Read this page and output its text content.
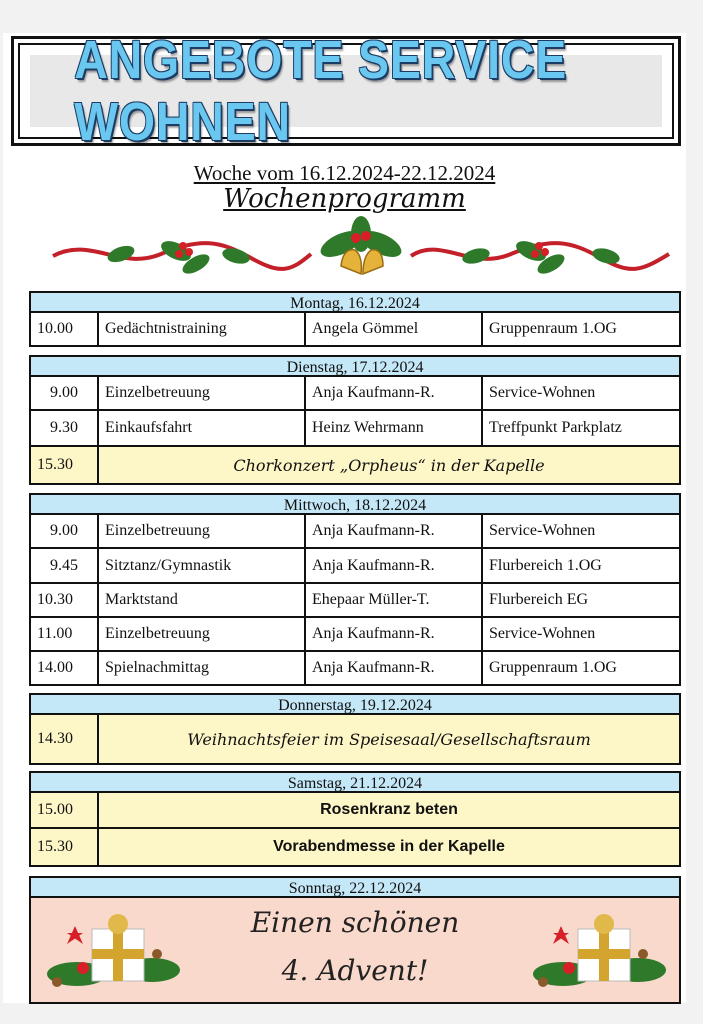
ANGEBOTE SERVICE WOHNEN
Woche vom 16.12.2024-22.12.2024
Wochenprogramm
Montag, 16.12.2024
10.00	Gedächtnistraining	Angela Gömmel	Gruppenraum 1.OG
Dienstag, 17.12.2024
9.00	Einzelbetreuung	Anja Kaufmann-R.	Service-Wohnen
9.30	Einkaufsfahrt	Heinz Wehrmann	Treffpunkt Parkplatz
15.30	Chorkonzert „Orpheus“ in der Kapelle
Mittwoch, 18.12.2024
9.00	Einzelbetreuung	Anja Kaufmann-R.	Service-Wohnen
9.45	Sitztanz/Gymnastik	Anja Kaufmann-R.	Flurbereich 1.OG
10.30	Marktstand	Ehepaar Müller-T.	Flurbereich EG
11.00	Einzelbetreuung	Anja Kaufmann-R.	Service-Wohnen
14.00	Spielnachmittag	Anja Kaufmann-R.	Gruppenraum 1.OG
Donnerstag, 19.12.2024
14.30	Weihnachtsfeier im Speisesaal/Gesellschaftsraum
Samstag, 21.12.2024
15.00	Rosenkranz beten
15.30	Vorabendmesse in der Kapelle
Sonntag, 22.12.2024
Einen schönen
4. Advent!
